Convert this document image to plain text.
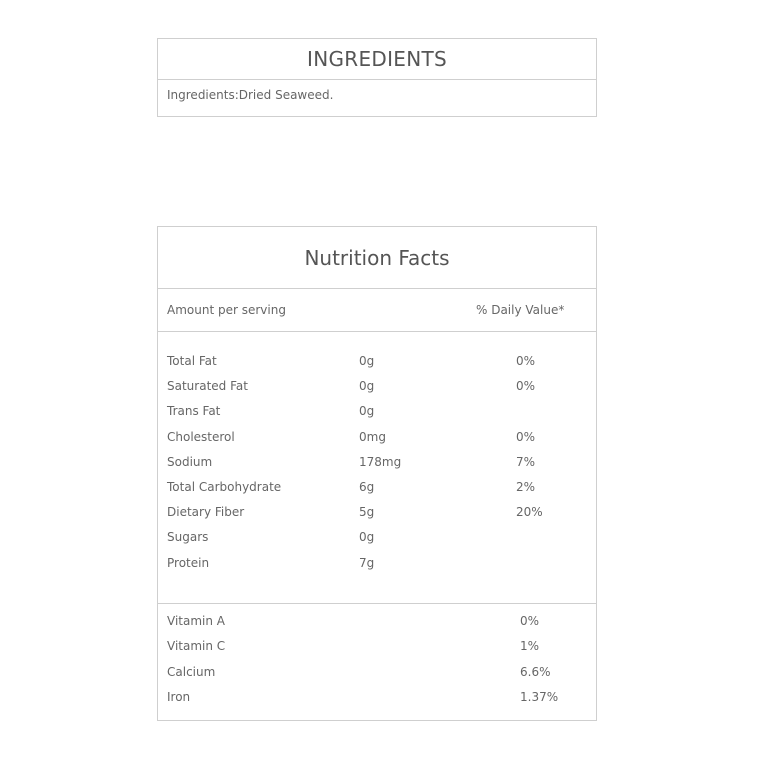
INGREDIENTS
Ingredients:Dried Seaweed.
Nutrition Facts
Amount per serving	% Daily Value*
Total Fat	0g	0%
Saturated Fat	0g	0%
Trans Fat	0g
Cholesterol	0mg	0%
Sodium	178mg	7%
Total Carbohydrate	6g	2%
Dietary Fiber	5g	20%
Sugars	0g
Protein	7g
Vitamin A	0%
Vitamin C	1%
Calcium	6.6%
Iron	1.37%
